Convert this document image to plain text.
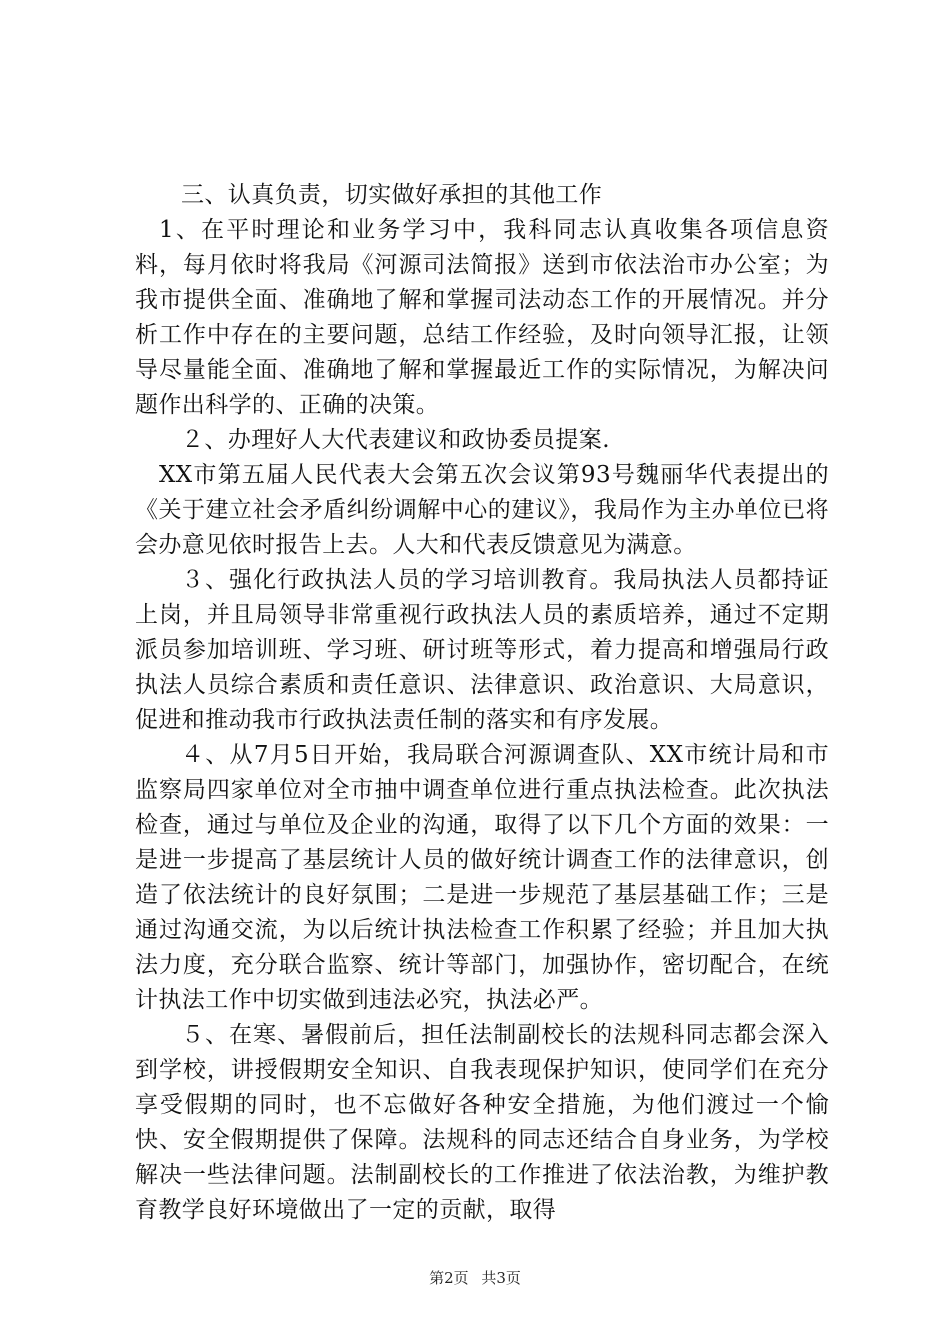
三、认真负责，切实做好承担的其他工作

1、在平时理论和业务学习中，我科同志认真收集各项信息资料，每月依时将我局《河源司法简报》送到市依法治市办公室；为我市提供全面、准确地了解和掌握司法动态工作的开展情况。并分析工作中存在的主要问题，总结工作经验，及时向领导汇报，让领导尽量能全面、准确地了解和掌握最近工作的实际情况，为解决问题作出科学的、正确的决策。

２、办理好人大代表建议和政协委员提案.

XX市第五届人民代表大会第五次会议第93号魏丽华代表提出的《关于建立社会矛盾纠纷调解中心的建议》，我局作为主办单位已将会办意见依时报告上去。人大和代表反馈意见为满意。

３、强化行政执法人员的学习培训教育。我局执法人员都持证上岗，并且局领导非常重视行政执法人员的素质培养，通过不定期派员参加培训班、学习班、研讨班等形式，着力提高和增强局行政执法人员综合素质和责任意识、法律意识、政治意识、大局意识，促进和推动我市行政执法责任制的落实和有序发展。

４、从7月5日开始，我局联合河源调查队、XX市统计局和市监察局四家单位对全市抽中调查单位进行重点执法检查。此次执法检查，通过与单位及企业的沟通，取得了以下几个方面的效果：一是进一步提高了基层统计人员的做好统计调查工作的法律意识，创造了依法统计的良好氛围；二是进一步规范了基层基础工作；三是通过沟通交流，为以后统计执法检查工作积累了经验；并且加大执法力度，充分联合监察、统计等部门，加强协作，密切配合，在统计执法工作中切实做到违法必究，执法必严。

５、在寒、暑假前后，担任法制副校长的法规科同志都会深入到学校，讲授假期安全知识、自我表现保护知识，使同学们在充分享受假期的同时，也不忘做好各种安全措施，为他们渡过一个愉快、安全假期提供了保障。法规科的同志还结合自身业务，为学校解决一些法律问题。法制副校长的工作推进了依法治教，为维护教育教学良好环境做出了一定的贡献，取得

第2页 共3页
